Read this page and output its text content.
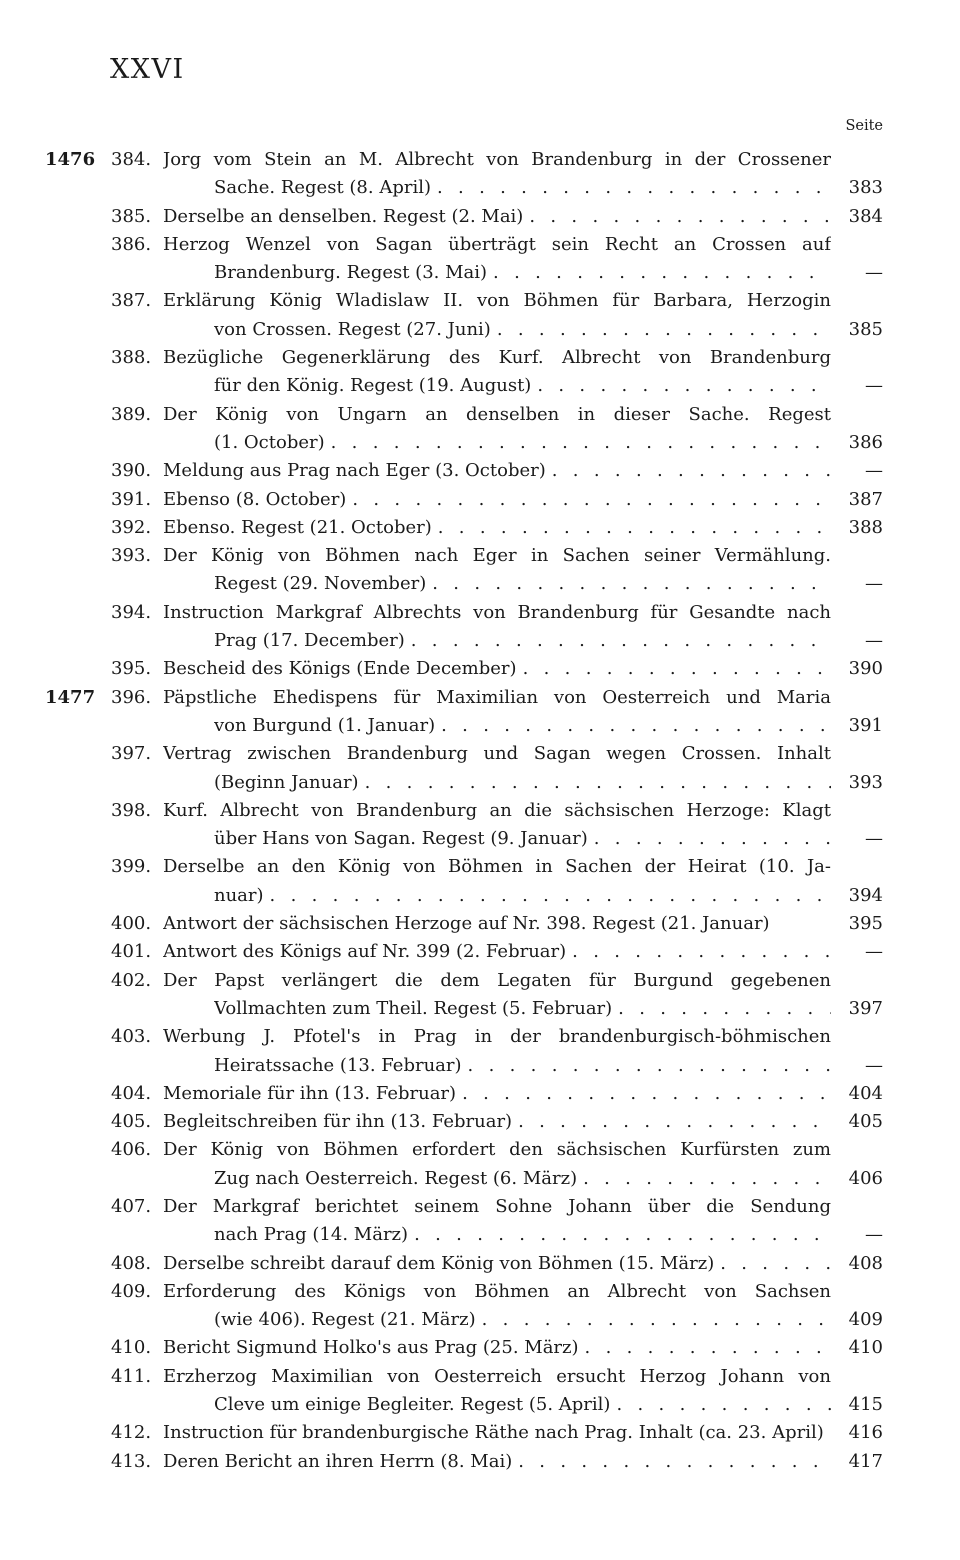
XXVI
Seite
1476 384. Jorg vom Stein an M. Albrecht von Brandenburg in der Crossener
Sache. Regest (8. April) . . .	383
385. Derselbe an denselben. Regest (2. Mai) . . .	384
386. Herzog Wenzel von Sagan überträgt sein Recht an Crossen auf
Brandenburg. Regest (3. Mai) . . .	—
387. Erklärung König Wladislaw II. von Böhmen für Barbara, Herzogin
von Crossen. Regest (27. Juni) . . .	385
388. Bezügliche Gegenerklärung des Kurf. Albrecht von Brandenburg
für den König. Regest (19. August) . . .	—
389. Der König von Ungarn an denselben in dieser Sache. Regest
(1. October) . . .	386
390. Meldung aus Prag nach Eger (3. October) . . .	—
391. Ebenso (8. October) . . .	387
392. Ebenso. Regest (21. October) . . .	388
393. Der König von Böhmen nach Eger in Sachen seiner Vermählung.
Regest (29. November) . . .	—
394. Instruction Markgraf Albrechts von Brandenburg für Gesandte nach
Prag (17. December) . . .	—
395. Bescheid des Königs (Ende December) . . .	390
1477 396. Päpstliche Ehedispens für Maximilian von Oesterreich und Maria
von Burgund (1. Januar) . . .	391
397. Vertrag zwischen Brandenburg und Sagan wegen Crossen. Inhalt
(Beginn Januar) . . .	393
398. Kurf. Albrecht von Brandenburg an die sächsischen Herzoge: Klagt
über Hans von Sagan. Regest (9. Januar) . . .	—
399. Derselbe an den König von Böhmen in Sachen der Heirat (10. Ja-
nuar) . . .	394
400. Antwort der sächsischen Herzoge auf Nr. 398. Regest (21. Januar)	395
401. Antwort des Königs auf Nr. 399 (2. Februar) . . .	—
402. Der Papst verlängert die dem Legaten für Burgund gegebenen
Vollmachten zum Theil. Regest (5. Februar) . . .	397
403. Werbung J. Pfotel's in Prag in der brandenburgisch-böhmischen
Heiratssache (13. Februar) . . .	—
404. Memoriale für ihn (13. Februar) . . .	404
405. Begleitschreiben für ihn (13. Februar) . . .	405
406. Der König von Böhmen erfordert den sächsischen Kurfürsten zum
Zug nach Oesterreich. Regest (6. März) . . .	406
407. Der Markgraf berichtet seinem Sohne Johann über die Sendung
nach Prag (14. März) . . .	—
408. Derselbe schreibt darauf dem König von Böhmen (15. März) . . .	408
409. Erforderung des Königs von Böhmen an Albrecht von Sachsen
(wie 406). Regest (21. März) . . .	409
410. Bericht Sigmund Holko's aus Prag (25. März) . . .	410
411. Erzherzog Maximilian von Oesterreich ersucht Herzog Johann von
Cleve um einige Begleiter. Regest (5. April) . . .	415
412. Instruction für brandenburgische Räthe nach Prag. Inhalt (ca. 23. April)	416
413. Deren Bericht an ihren Herrn (8. Mai) . . .	417
